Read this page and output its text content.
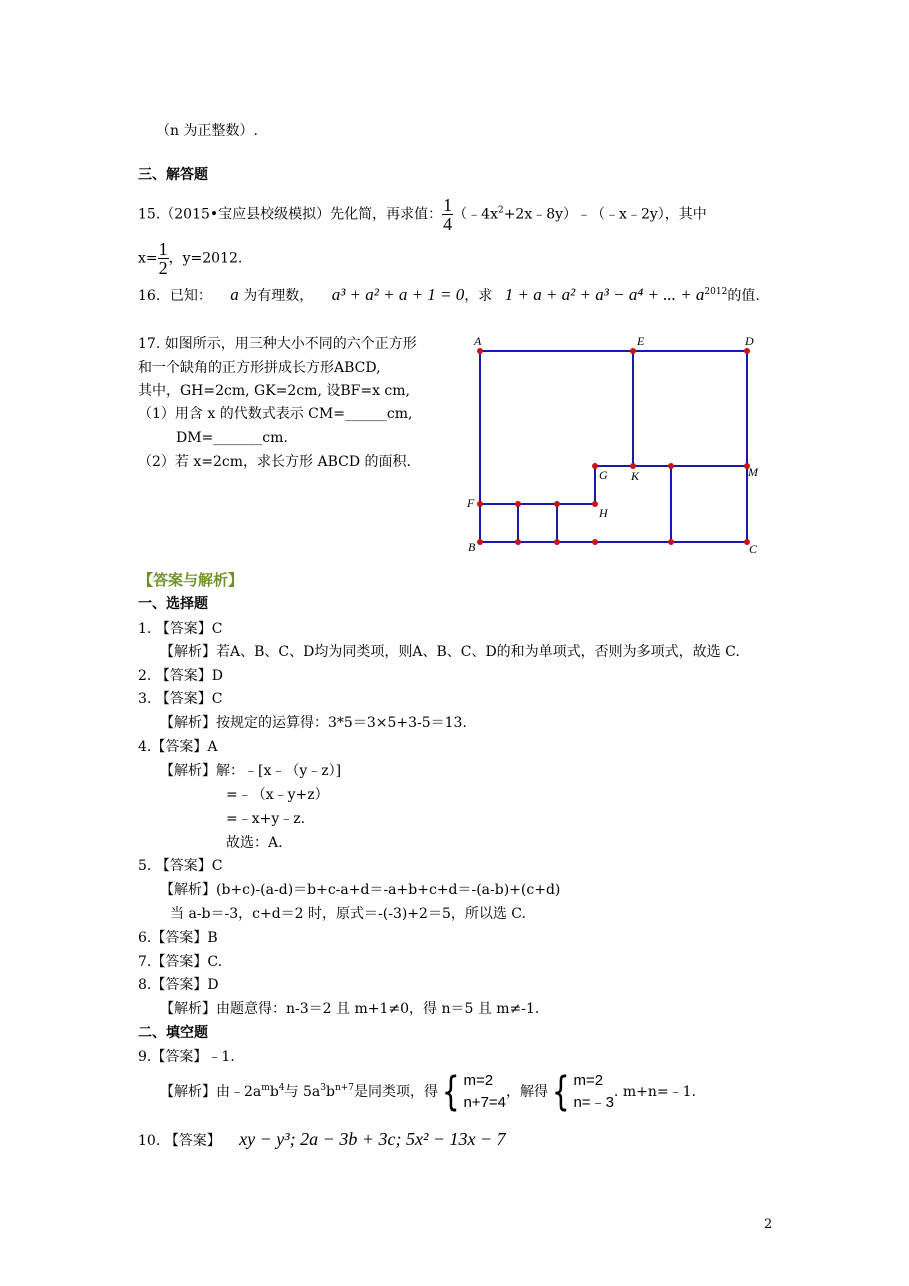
（n 为正整数）.
三、解答题
15.（2015•宝应县校级模拟）先化简，再求值： $\frac{1}{4}$ $(﹣4x^2+2x﹣8y)﹣(﹣x﹣2y)$，其中
$x= \frac{1}{2}$ ，y=2012.
16．已知： a 为有理数， a³ + a² + a + 1 = 0，求 1 + a + a² + a³ − a⁴ + ... + $a^{2012}$的值.
17. 如图所示，用三种大小不同的六个正方形
和一个缺角的正方形拼成长方形ABCD,
其中，GH=2cm, GK=2cm, 设BF=x cm,
（1）用含 x 的代数式表示 CM=______cm,
DM=_______cm.
（2）若 x=2cm，求长方形 ABCD 的面积.
A	E	D
G K	M
F
H
B	C
【答案与解析】
一、选择题
1. 【答案】C
【解析】若A、B、C、D均为同类项，则A、B、C、D的和为单项式，否则为多项式，故选 C.
2. 【答案】D
3. 【答案】C
【解析】按规定的运算得：3*5＝3×5+3-5＝13.
4.【答案】A
【解析】解：﹣[x﹣（y﹣z）]
=﹣（x﹣y+z）
=﹣x+y﹣z.
故选：A.
5. 【答案】C
【解析】(b+c)-(a-d)＝b+c-a+d＝-a+b+c+d＝-(a-b)+(c+d)
当 a-b＝-3，c+d＝2 时，原式＝-(-3)+2＝5，所以选 C.
6.【答案】B
7.【答案】C.
8.【答案】D
【解析】由题意得：n-3＝2 且 m+1≠0，得 n＝5 且 m≠-1.
二、填空题
9.【答案】﹣1.
【解析】由$﹣2a^mb^4$与 $5a^3b^{n+7}$是同类项，得{ m=2
n+7=4
，解得{ m=2
n=﹣3
. m+n=﹣1.
10. 【答案】 xy − y³; 2a − 3b + 3c; 5x² − 13x − 7
2
